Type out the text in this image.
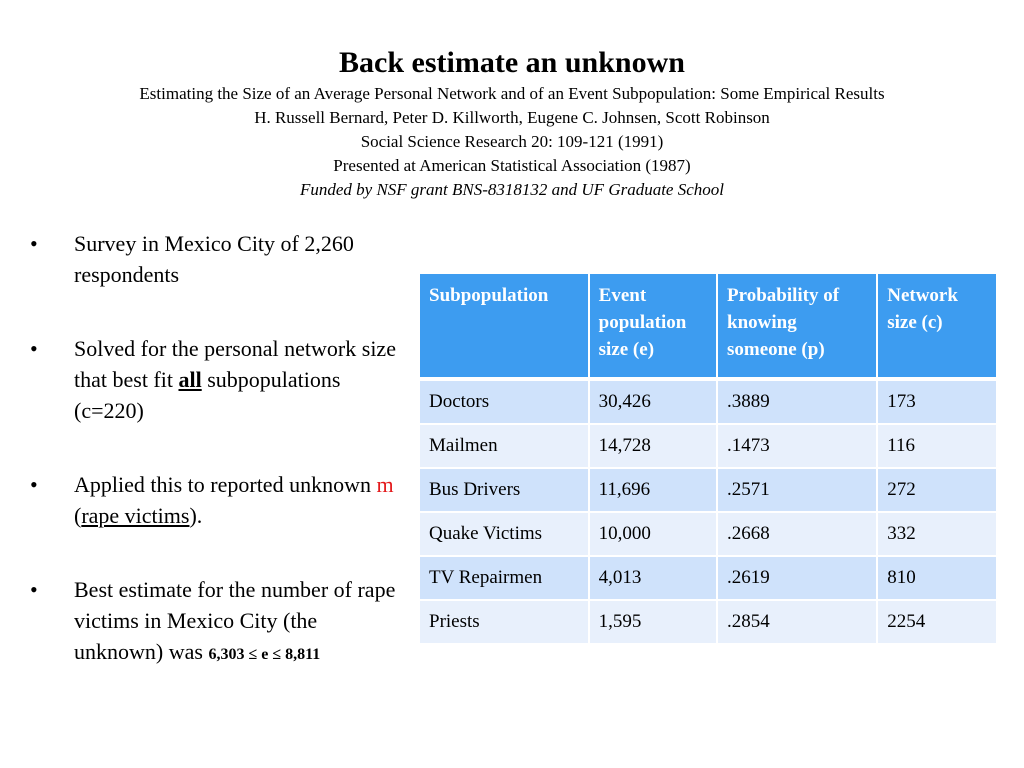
Back estimate an unknown

Estimating the Size of an Average Personal Network and of an Event Subpopulation: Some Empirical Results

H. Russell Bernard, Peter D. Killworth, Eugene C. Johnsen, Scott Robinson

Social Science Research 20: 109-121 (1991)

Presented at American Statistical Association (1987)

Funded by NSF grant BNS-8318132 and UF Graduate School

•	Survey in Mexico City of 2,260 respondents
•	Solved for the personal network size that best fit all subpopulations (c=220)
•	Applied this to reported unknown m (rape victims).
•	Best estimate for the number of rape victims in Mexico City (the unknown) was 6,303 ≤ e ≤ 8,811
Subpopulation	Event population size (e)	Probability of knowing someone (p)	Network size (c)
Doctors	30,426	.3889	173
Mailmen	14,728	.1473	116
Bus Drivers	11,696	.2571	272
Quake Victims	10,000	.2668	332
TV Repairmen	4,013	.2619	810
Priests	1,595	.2854	2254
